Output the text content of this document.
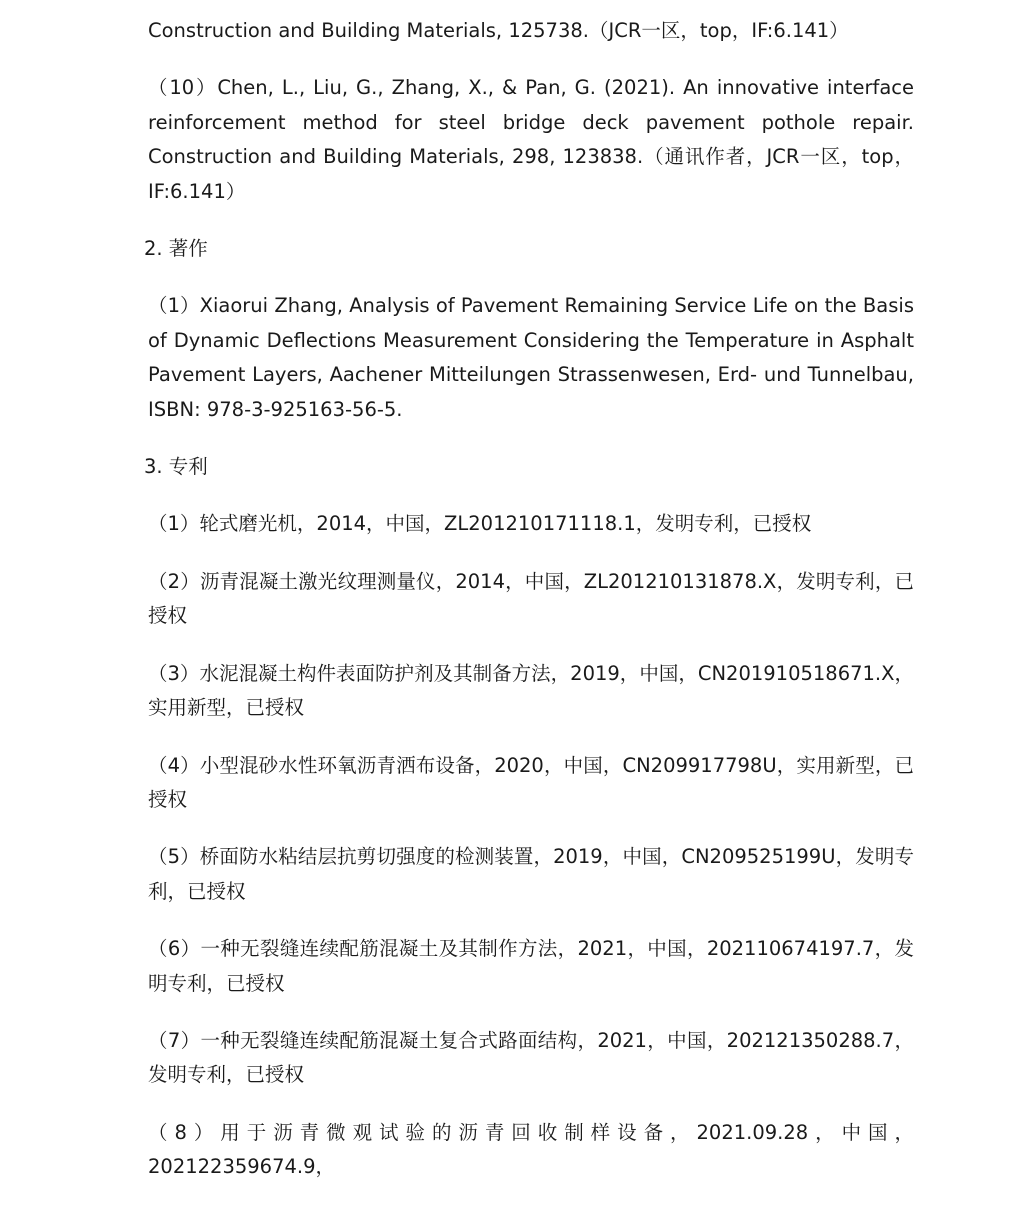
Construction and Building Materials, 125738.（JCR一区，top，IF:6.141）

（10）Chen, L., Liu, G., Zhang, X., & Pan, G. (2021). An innovative interface reinforcement method for steel bridge deck pavement pothole repair. Construction and Building Materials, 298, 123838.（通讯作者，JCR一区，top，IF:6.141）

2. 著作

（1）Xiaorui Zhang, Analysis of Pavement Remaining Service Life on the Basis of Dynamic Deflections Measurement Considering the Temperature in Asphalt Pavement Layers, Aachener Mitteilungen Strassenwesen, Erd- und Tunnelbau, ISBN: 978-3-925163-56-5.

3. 专利

（1）轮式磨光机，2014，中国，ZL201210171118.1，发明专利，已授权

（2）沥青混凝土激光纹理测量仪，2014，中国，ZL201210131878.X，发明专利，已授权

（3）水泥混凝土构件表面防护剂及其制备方法，2019，中国，CN201910518671.X，实用新型，已授权

（4）小型混砂水性环氧沥青洒布设备，2020，中国，CN209917798U，实用新型，已授权

（5）桥面防水粘结层抗剪切强度的检测装置，2019，中国，CN209525199U，发明专利，已授权

（6）一种无裂缝连续配筋混凝土及其制作方法，2021，中国，202110674197.7，发明专利，已授权

（7）一种无裂缝连续配筋混凝土复合式路面结构，2021，中国，202121350288.7，发明专利，已授权

（8）用于沥青微观试验的沥青回收制样设备，2021.09.28，中国，202122359674.9，
